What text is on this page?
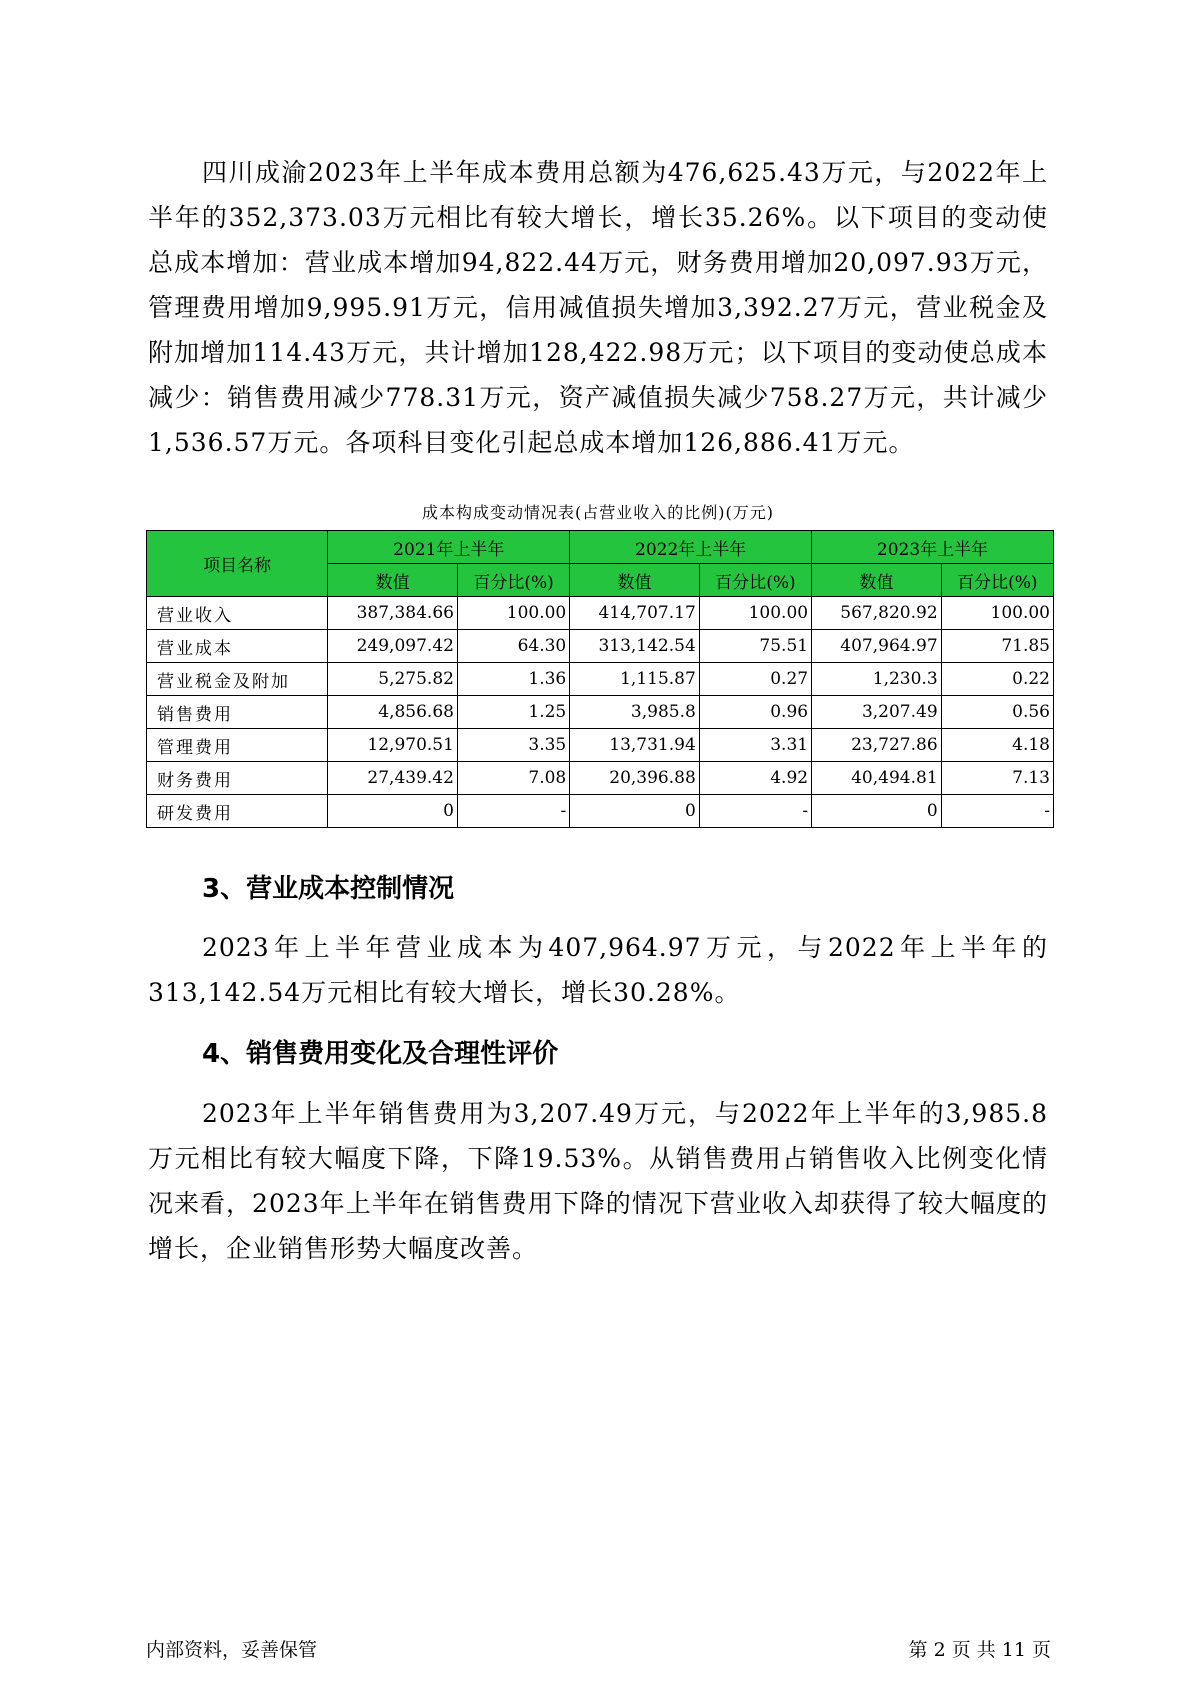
四川成渝2023年上半年成本费用总额为476,625.43万元，与2022年上半年的352,373.03万元相比有较大增长，增长35.26%。以下项目的变动使总成本增加：营业成本增加94,822.44万元，财务费用增加20,097.93万元，管理费用增加9,995.91万元，信用减值损失增加3,392.27万元，营业税金及附加增加114.43万元，共计增加128,422.98万元；以下项目的变动使总成本减少：销售费用减少778.31万元，资产减值损失减少758.27万元，共计减少1,536.57万元。各项科目变化引起总成本增加126,886.41万元。

成本构成变动情况表(占营业收入的比例)(万元)
项目名称	2021年上半年		2022年上半年		2023年上半年	
	数值	百分比(%)	数值	百分比(%)	数值	百分比(%)
营业收入	387,384.66	100.00	414,707.17	100.00	567,820.92	100.00
营业成本	249,097.42	64.30	313,142.54	75.51	407,964.97	71.85
营业税金及附加	5,275.82	1.36	1,115.87	0.27	1,230.3	0.22
销售费用	4,856.68	1.25	3,985.8	0.96	3,207.49	0.56
管理费用	12,970.51	3.35	13,731.94	3.31	23,727.86	4.18
财务费用	27,439.42	7.08	20,396.88	4.92	40,494.81	7.13
研发费用	0	-	0	-	0	-
3、营业成本控制情况

2023年上半年营业成本为407,964.97万元，与2022年上半年的313,142.54万元相比有较大增长，增长30.28%。

4、销售费用变化及合理性评价

2023年上半年销售费用为3,207.49万元，与2022年上半年的3,985.8万元相比有较大幅度下降，下降19.53%。从销售费用占销售收入比例变化情况来看，2023年上半年在销售费用下降的情况下营业收入却获得了较大幅度的增长，企业销售形势大幅度改善。

内部资料，妥善保管	第 2 页 共 11 页
